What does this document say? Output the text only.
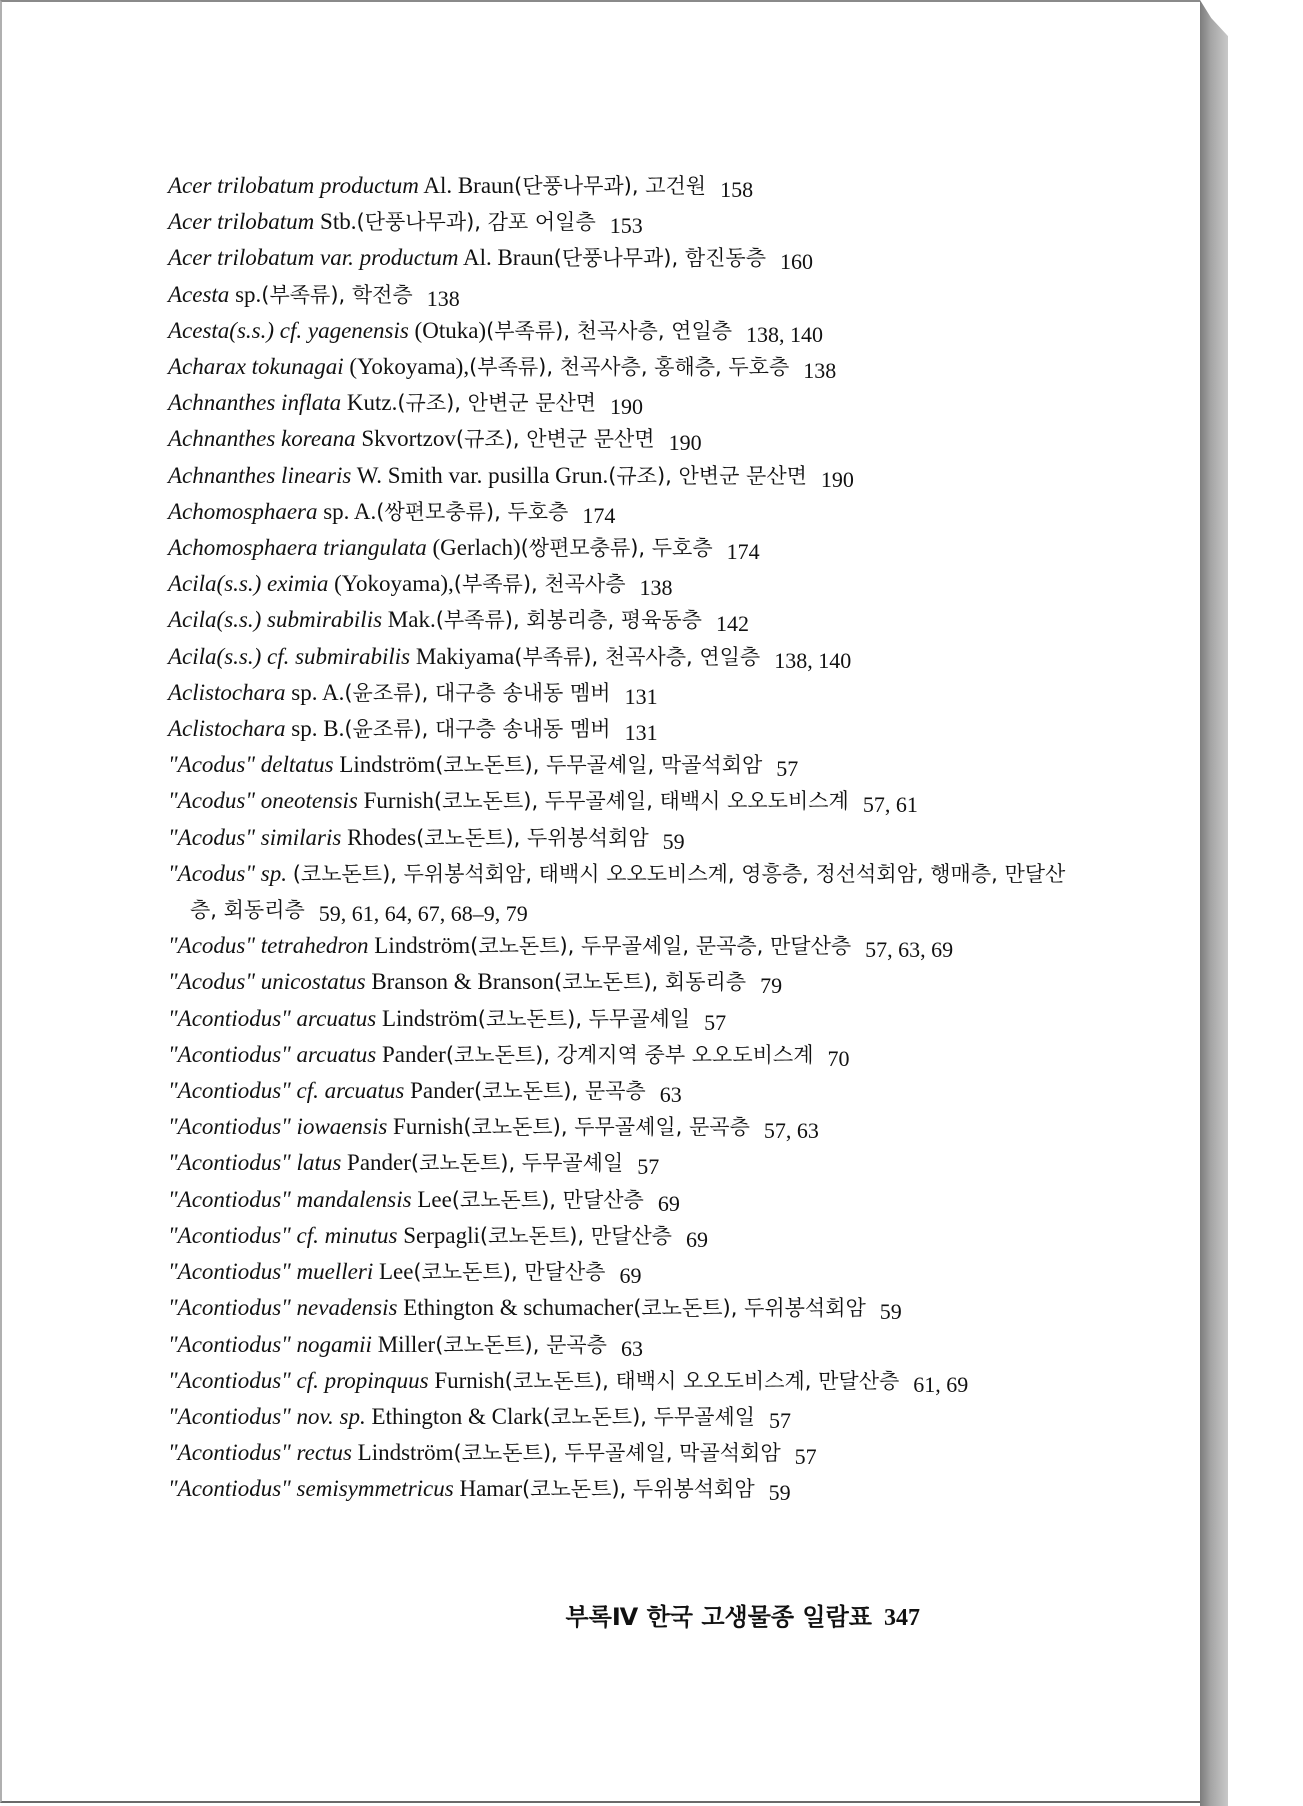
Acer trilobatum productum Al. Braun(단풍나무과), 고건원 158
Acer trilobatum Stb.(단풍나무과), 감포 어일층 153
Acer trilobatum var. productum Al. Braun(단풍나무과), 함진동층 160
Acesta sp.(부족류), 학전층 138
Acesta(s.s.) cf. yagenensis (Otuka)(부족류), 천곡사층, 연일층 138, 140
Acharax tokunagai (Yokoyama),(부족류), 천곡사층, 홍해층, 두호층 138
Achnanthes inflata Kutz.(규조), 안변군 문산면 190
Achnanthes koreana Skvortzov(규조), 안변군 문산면 190
Achnanthes linearis W. Smith var. pusilla Grun.(규조), 안변군 문산면 190
Achomosphaera sp. A.(쌍편모충류), 두호층 174
Achomosphaera triangulata (Gerlach)(쌍편모충류), 두호층 174
Acila(s.s.) eximia (Yokoyama),(부족류), 천곡사층 138
Acila(s.s.) submirabilis Mak.(부족류), 회봉리층, 평육동층 142
Acila(s.s.) cf. submirabilis Makiyama(부족류), 천곡사층, 연일층 138, 140
Aclistochara sp. A.(윤조류), 대구층 송내동 멤버 131
Aclistochara sp. B.(윤조류), 대구층 송내동 멤버 131
"Acodus" deltatus Lindström(코노돈트), 두무골셰일, 막골석회암 57
"Acodus" oneotensis Furnish(코노돈트), 두무골셰일, 태백시 오오도비스계 57, 61
"Acodus" similaris Rhodes(코노돈트), 두위봉석회암 59
"Acodus" sp. (코노돈트), 두위봉석회암, 태백시 오오도비스계, 영흥층, 정선석회암, 행매층, 만달산층, 회동리층 59, 61, 64, 67, 68–9, 79
"Acodus" tetrahedron Lindström(코노돈트), 두무골셰일, 문곡층, 만달산층 57, 63, 69
"Acodus" unicostatus Branson & Branson(코노돈트), 회동리층 79
"Acontiodus" arcuatus Lindström(코노돈트), 두무골셰일 57
"Acontiodus" arcuatus Pander(코노돈트), 강계지역 중부 오오도비스계 70
"Acontiodus" cf. arcuatus Pander(코노돈트), 문곡층 63
"Acontiodus" iowaensis Furnish(코노돈트), 두무골셰일, 문곡층 57, 63
"Acontiodus" latus Pander(코노돈트), 두무골셰일 57
"Acontiodus" mandalensis Lee(코노돈트), 만달산층 69
"Acontiodus" cf. minutus Serpagli(코노돈트), 만달산층 69
"Acontiodus" muelleri Lee(코노돈트), 만달산층 69
"Acontiodus" nevadensis Ethington & schumacher(코노돈트), 두위봉석회암 59
"Acontiodus" nogamii Miller(코노돈트), 문곡층 63
"Acontiodus" cf. propinquus Furnish(코노돈트), 태백시 오오도비스계, 만달산층 61, 69
"Acontiodus" nov. sp. Ethington & Clark(코노돈트), 두무골셰일 57
"Acontiodus" rectus Lindström(코노돈트), 두무골셰일, 막골석회암 57
"Acontiodus" semisymmetricus Hamar(코노돈트), 두위봉석회암 59
부록Ⅳ 한국 고생물종 일람표 347
